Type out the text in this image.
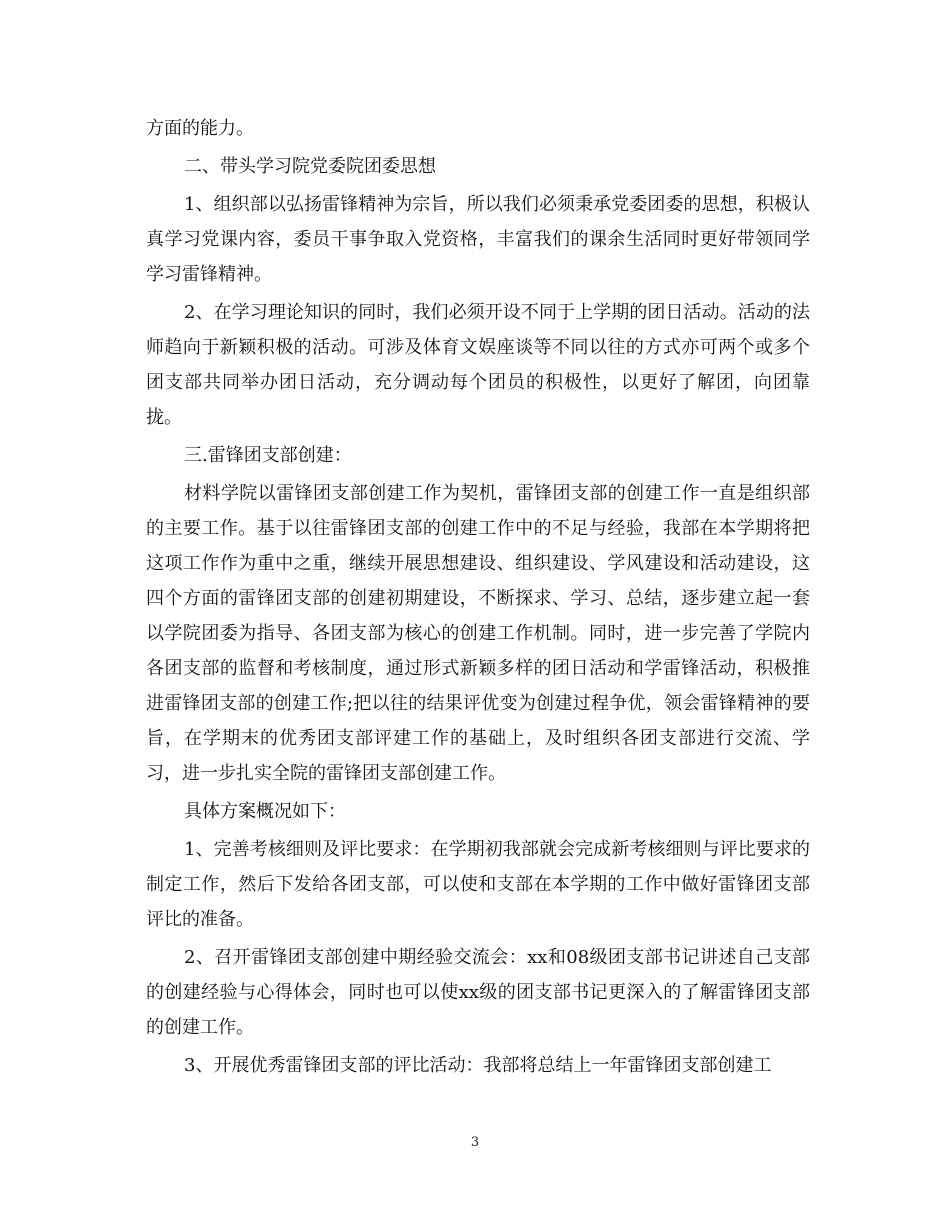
方面的能力。

二、带头学习院党委院团委思想

1、组织部以弘扬雷锋精神为宗旨，所以我们必须秉承党委团委的思想，积极认真学习党课内容，委员干事争取入党资格，丰富我们的课余生活同时更好带领同学学习雷锋精神。

2、在学习理论知识的同时，我们必须开设不同于上学期的团日活动。活动的法师趋向于新颖积极的活动。可涉及体育文娱座谈等不同以往的方式亦可两个或多个团支部共同举办团日活动，充分调动每个团员的积极性，以更好了解团，向团靠拢。

三.雷锋团支部创建：

材料学院以雷锋团支部创建工作为契机，雷锋团支部的创建工作一直是组织部的主要工作。基于以往雷锋团支部的创建工作中的不足与经验，我部在本学期将把这项工作作为重中之重，继续开展思想建设、组织建设、学风建设和活动建设，这四个方面的雷锋团支部的创建初期建设，不断探求、学习、总结，逐步建立起一套以学院团委为指导、各团支部为核心的创建工作机制。同时，进一步完善了学院内各团支部的监督和考核制度，通过形式新颖多样的团日活动和学雷锋活动，积极推进雷锋团支部的创建工作;把以往的结果评优变为创建过程争优，领会雷锋精神的要旨，在学期末的优秀团支部评建工作的基础上，及时组织各团支部进行交流、学习，进一步扎实全院的雷锋团支部创建工作。

具体方案概况如下：

1、完善考核细则及评比要求：在学期初我部就会完成新考核细则与评比要求的制定工作，然后下发给各团支部，可以使和支部在本学期的工作中做好雷锋团支部评比的准备。

2、召开雷锋团支部创建中期经验交流会：xx和08级团支部书记讲述自己支部的创建经验与心得体会，同时也可以使xx级的团支部书记更深入的了解雷锋团支部的创建工作。

3、开展优秀雷锋团支部的评比活动：我部将总结上一年雷锋团支部创建工

3
